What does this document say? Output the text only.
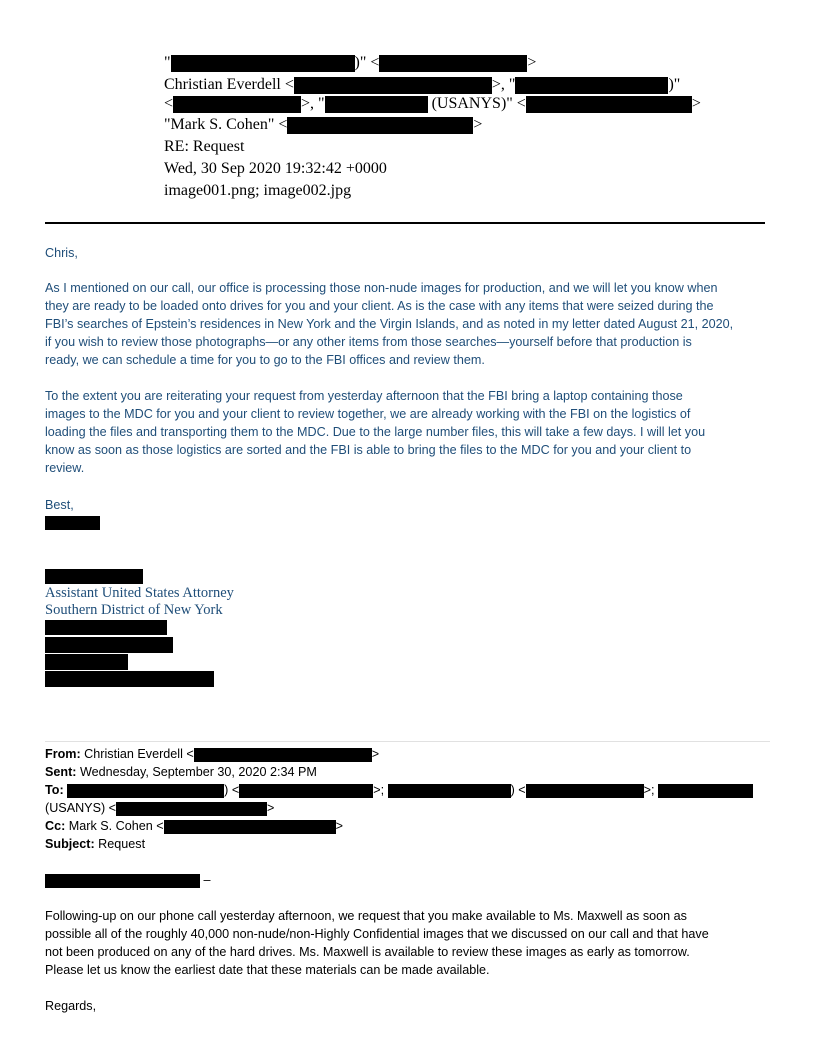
"	)" <	>
Christian Everdell <	>, "	)"
<	>, "	(USANYS)" <	>
"Mark S. Cohen" <	>
RE: Request
Wed, 30 Sep 2020 19:32:42 +0000
image001.png; image002.jpg
Chris,
As I mentioned on our call, our office is processing those non-nude images for production, and we will let you know when
they are ready to be loaded onto drives for you and your client. As is the case with any items that were seized during the
FBI’s searches of Epstein’s residences in New York and the Virgin Islands, and as noted in my letter dated August 21, 2020,
if you wish to review those photographs—or any other items from those searches—yourself before that production is
ready, we can schedule a time for you to go to the FBI offices and review them.
To the extent you are reiterating your request from yesterday afternoon that the FBI bring a laptop containing those
images to the MDC for you and your client to review together, we are already working with the FBI on the logistics of
loading the files and transporting them to the MDC. Due to the large number files, this will take a few days. I will let you
know as soon as those logistics are sorted and the FBI is able to bring the files to the MDC for you and your client to
review.
Best,
Assistant United States Attorney
Southern District of New York
From: Christian Everdell <	>
Sent: Wednesday, September 30, 2020 2:34 PM
To:	) <	>;	) <	>;
(USANYS) <	>
Cc: Mark S. Cohen <	>
Subject: Request
–
Following-up on our phone call yesterday afternoon, we request that you make available to Ms. Maxwell as soon as
possible all of the roughly 40,000 non-nude/non-Highly Confidential images that we discussed on our call and that have
not been produced on any of the hard drives. Ms. Maxwell is available to review these images as early as tomorrow.
Please let us know the earliest date that these materials can be made available.
Regards,
